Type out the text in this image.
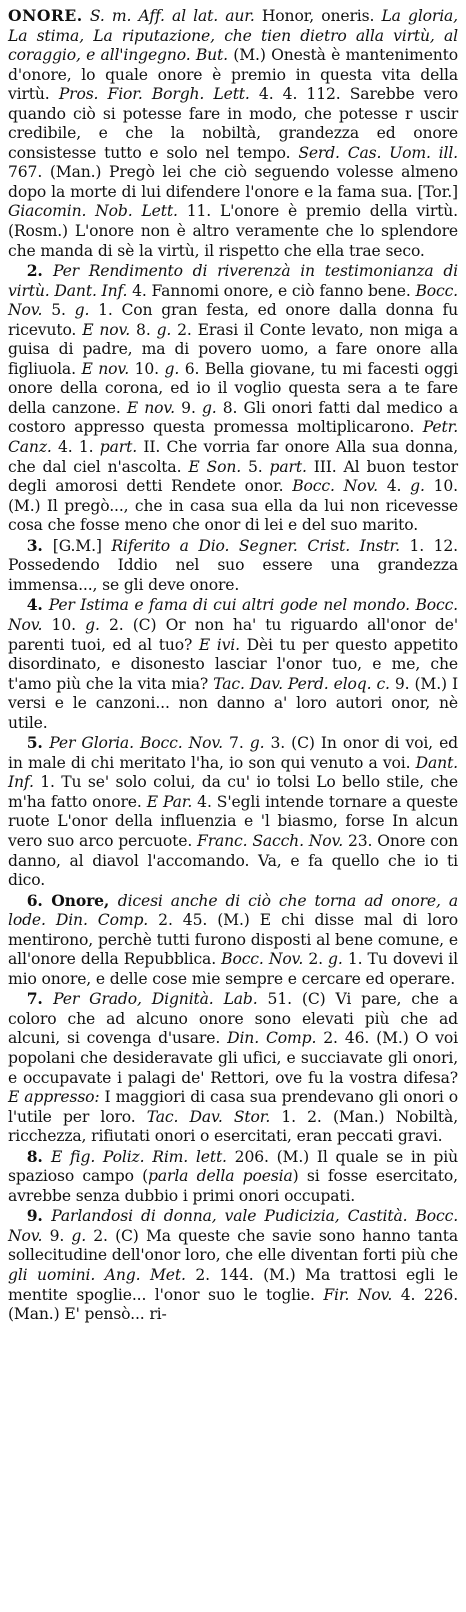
ONORE. S. m. Aff. al lat. aur. Honor, oneris. La gloria, La stima, La riputazione, che tien dietro alla virtù, al coraggio, e all'ingegno. But. (M.) Onestà è mantenimento d'onore, lo quale onore è premio in questa vita della virtù. Pros. Fior. Borgh. Lett. 4. 4. 112. Sarebbe vero quando ciò si potesse fare in modo, che potesse r uscir credibile, e che la nobiltà, grandezza ed onore consistesse tutto e solo nel tempo. Serd. Cas. Uom. ill. 767. (Man.) Pregò lei che ciò seguendo volesse almeno dopo la morte di lui difendere l'onore e la fama sua. [Tor.] Giacomin. Nob. Lett. 11. L'onore è premio della virtù. (Rosm.) L'onore non è altro veramente che lo splendore che manda di sè la virtù, il rispetto che ella trae seco.

2. Per Rendimento di riverenzà in testimonianza di virtù. Dant. Inf. 4. Fannomi onore, e ciò fanno bene. Bocc. Nov. 5. g. 1. Con gran festa, ed onore dalla donna fu ricevuto. E nov. 8. g. 2. Erasi il Conte levato, non miga a guisa di padre, ma di povero uomo, a fare onore alla figliuola. E nov. 10. g. 6. Bella giovane, tu mi facesti oggi onore della corona, ed io il voglio questa sera a te fare della canzone. E nov. 9. g. 8. Gli onori fatti dal medico a costoro appresso questa promessa moltiplicarono. Petr. Canz. 4. 1. part. II. Che vorria far onore Alla sua donna, che dal ciel n'ascolta. E Son. 5. part. III. Al buon testor degli amorosi detti Rendete onor. Bocc. Nov. 4. g. 10. (M.) Il pregò..., che in casa sua ella da lui non ricevesse cosa che fosse meno che onor di lei e del suo marito.

3. [G.M.] Riferito a Dio. Segner. Crist. Instr. 1. 12. Possedendo Iddio nel suo essere una grandezza immensa..., se gli deve onore.

4. Per Istima e fama di cui altri gode nel mondo. Bocc. Nov. 10. g. 2. (C) Or non ha' tu riguardo all'onor de' parenti tuoi, ed al tuo? E ivi. Dèi tu per questo appetito disordinato, e disonesto lasciar l'onor tuo, e me, che t'amo più che la vita mia? Tac. Dav. Perd. eloq. c. 9. (M.) I versi e le canzoni... non danno a' loro autori onor, nè utile.

5. Per Gloria. Bocc. Nov. 7. g. 3. (C) In onor di voi, ed in male di chi meritato l'ha, io son qui venuto a voi. Dant. Inf. 1. Tu se' solo colui, da cu' io tolsi Lo bello stile, che m'ha fatto onore. E Par. 4. S'egli intende tornare a queste ruote L'onor della influenzia e 'l biasmo, forse In alcun vero suo arco percuote. Franc. Sacch. Nov. 23. Onore con danno, al diavol l'accomando. Va, e fa quello che io ti dico.

6. Onore, dicesi anche di ciò che torna ad onore, a lode. Din. Comp. 2. 45. (M.) E chi disse mal di loro mentirono, perchè tutti furono disposti al bene comune, e all'onore della Repubblica. Bocc. Nov. 2. g. 1. Tu dovevi il mio onore, e delle cose mie sempre e cercare ed operare.

7. Per Grado, Dignità. Lab. 51. (C) Vi pare, che a coloro che ad alcuno onore sono elevati più che ad alcuni, si covenga d'usare. Din. Comp. 2. 46. (M.) O voi popolani che desideravate gli ufici, e succiavate gli onori, e occupavate i palagi de' Rettori, ove fu la vostra difesa? E appresso: I maggiori di casa sua prendevano gli onori o l'utile per loro. Tac. Dav. Stor. 1. 2. (Man.) Nobiltà, ricchezza, rifiutati onori o esercitati, eran peccati gravi.

8. E fig. Poliz. Rim. lett. 206. (M.) Il quale se in più spazioso campo (parla della poesia) si fosse esercitato, avrebbe senza dubbio i primi onori occupati.

9. Parlandosi di donna, vale Pudicizia, Castità. Bocc. Nov. 9. g. 2. (C) Ma queste che savie sono hanno tanta sollecitudine dell'onor loro, che elle diventan forti più che gli uomini. Ang. Met. 2. 144. (M.) Ma trattosi egli le mentite spoglie... l'onor suo le toglie. Fir. Nov. 4. 226. (Man.) E' pensò... ri-
